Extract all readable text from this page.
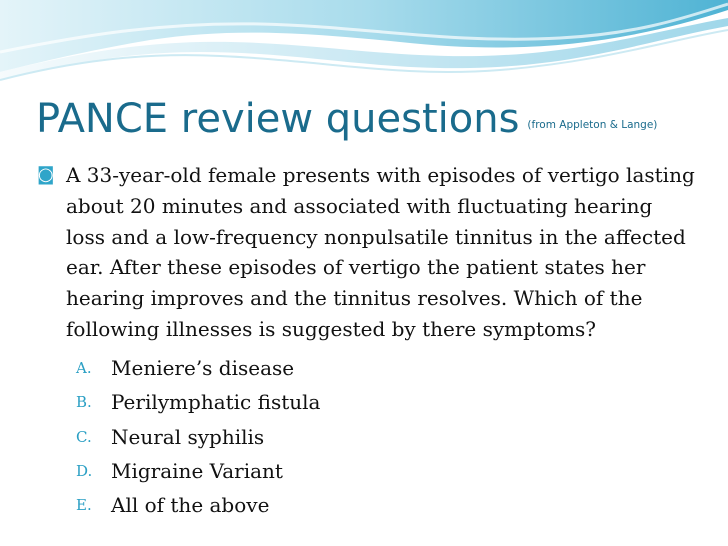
PANCE review questions (from Appleton & Lange)

◙ A 33-year-old female presents with episodes of vertigo lasting about 20 minutes and associated with fluctuating hearing loss and a low-frequency nonpulsatile tinnitus in the affected ear. After these episodes of vertigo the patient states her hearing improves and the tinnitus resolves. Which of the following illnesses is suggested by there symptoms?

A. Meniere’s disease
B. Perilymphatic fistula
C. Neural syphilis
D. Migraine Variant
E. All of the above
